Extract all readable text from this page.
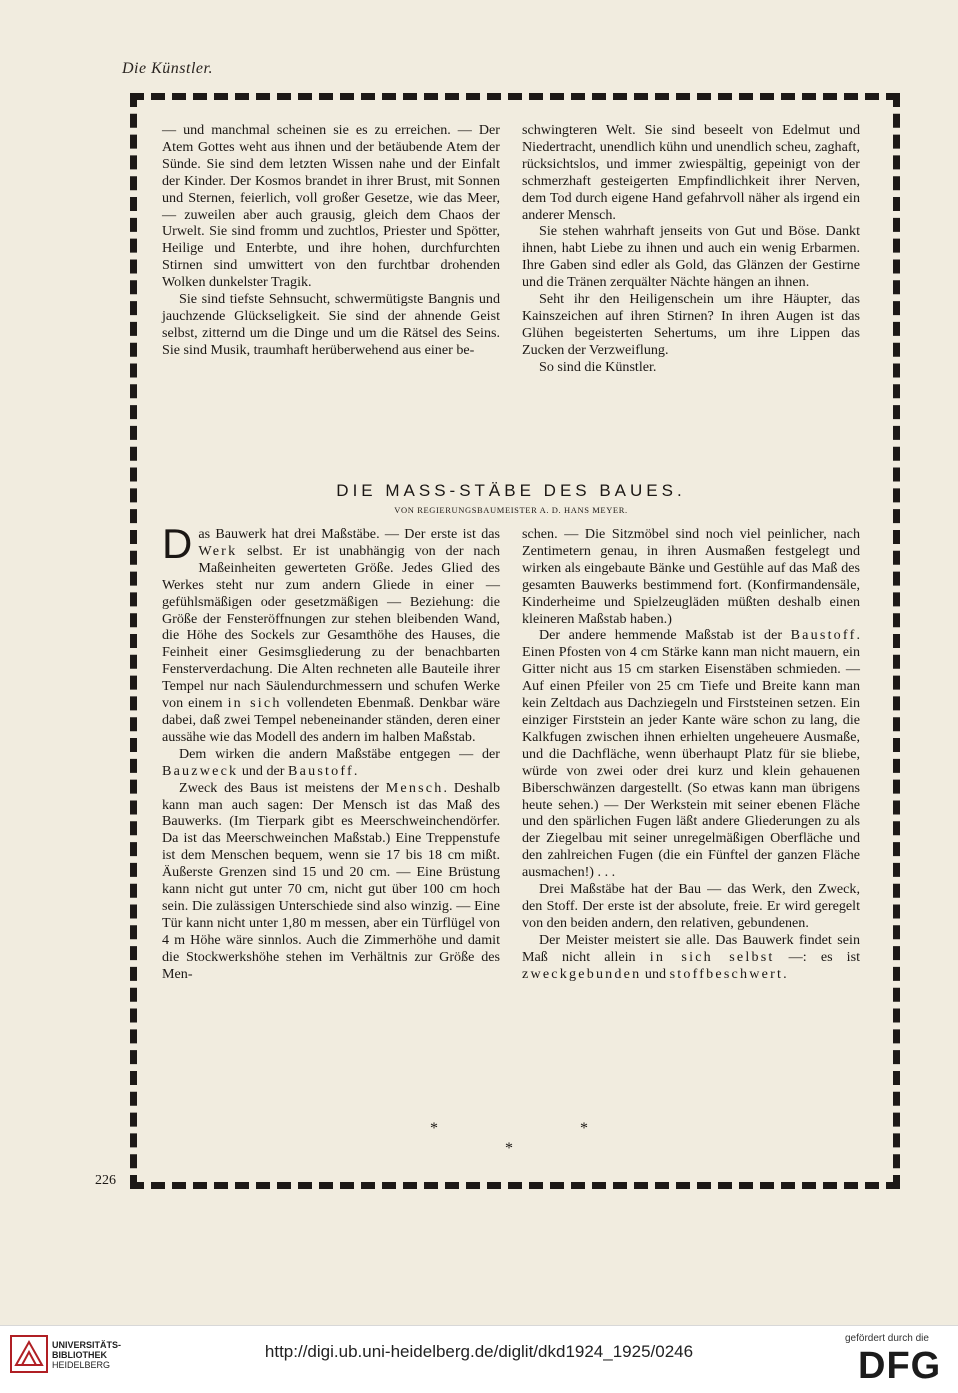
Die Künstler.

— und manchmal scheinen sie es zu erreichen. — Der Atem Gottes weht aus ihnen und der betäubende Atem der Sünde. Sie sind dem letzten Wissen nahe und der Einfalt der Kinder. Der Kosmos brandet in ihrer Brust, mit Sonnen und Sternen, feierlich, voll großer Gesetze, wie das Meer, — zuweilen aber auch grausig, gleich dem Chaos der Urwelt. Sie sind fromm und zuchtlos, Priester und Spötter, Heilige und Enterbte, und ihre hohen, durchfurchten Stirnen sind umwittert von den furchtbar drohenden Wolken dunkelster Tragik.

Sie sind tiefste Sehnsucht, schwermütigste Bangnis und jauchzende Glückseligkeit. Sie sind der ahnende Geist selbst, zitternd um die Dinge und um die Rätsel des Seins. Sie sind Musik, traumhaft herüberwehend aus einer be-

schwingteren Welt. Sie sind beseelt von Edelmut und Niedertracht, unendlich kühn und unendlich scheu, zaghaft, rücksichtslos, und immer zwiespältig, gepeinigt von der schmerzhaft gesteigerten Empfindlichkeit ihrer Nerven, dem Tod durch eigene Hand gefahrvoll näher als irgend ein anderer Mensch.

Sie stehen wahrhaft jenseits von Gut und Böse. Dankt ihnen, habt Liebe zu ihnen und auch ein wenig Erbarmen. Ihre Gaben sind edler als Gold, das Glänzen der Gestirne und die Tränen zerquälter Nächte hängen an ihnen.

Seht ihr den Heiligenschein um ihre Häupter, das Kainszeichen auf ihren Stirnen? In ihren Augen ist das Glühen begeisterten Sehertums, um ihre Lippen das Zucken der Verzweiflung.

So sind die Künstler.

DIE MASS-STÄBE DES BAUES.
VON REGIERUNGSBAUMEISTER A. D. HANS MEYER.

Das Bauwerk hat drei Maßstäbe. — Der erste ist das Werk selbst. Er ist unabhängig von der nach Maßeinheiten gewerteten Größe. Jedes Glied des Werkes steht nur zum andern Gliede in einer — gefühlsmäßigen oder gesetzmäßigen — Beziehung: die Größe der Fensteröffnungen zur stehen bleibenden Wand, die Höhe des Sockels zur Gesamthöhe des Hauses, die Feinheit einer Gesimsgliederung zu der benachbarten Fensterverdachung. Die Alten rechneten alle Bauteile ihrer Tempel nur nach Säulendurchmessern und schufen Werke von einem in sich vollendeten Ebenmaß. Denkbar wäre dabei, daß zwei Tempel nebeneinander ständen, deren einer aussähe wie das Modell des andern im halben Maßstab.

Dem wirken die andern Maßstäbe entgegen — der Bauzweck und der Baustoff.

Zweck des Baus ist meistens der Mensch. Deshalb kann man auch sagen: Der Mensch ist das Maß des Bauwerks. (Im Tierpark gibt es Meerschweinchendörfer. Da ist das Meerschweinchen Maßstab.) Eine Treppenstufe ist dem Menschen bequem, wenn sie 17 bis 18 cm mißt. Äußerste Grenzen sind 15 und 20 cm. — Eine Brüstung kann nicht gut unter 70 cm, nicht gut über 100 cm hoch sein. Die zulässigen Unterschiede sind also winzig. — Eine Tür kann nicht unter 1,80 m messen, aber ein Türflügel von 4 m Höhe wäre sinnlos. Auch die Zimmerhöhe und damit die Stockwerkshöhe stehen im Verhältnis zur Größe des Men-

schen. — Die Sitzmöbel sind noch viel peinlicher, nach Zentimetern genau, in ihren Ausmaßen festgelegt und wirken als eingebaute Bänke und Gestühle auf das Maß des gesamten Bauwerks bestimmend fort. (Konfirmandensäle, Kinderheime und Spielzeugläden müßten deshalb einen kleineren Maßstab haben.)

Der andere hemmende Maßstab ist der Baustoff. Einen Pfosten von 4 cm Stärke kann man nicht mauern, ein Gitter nicht aus 15 cm starken Eisenstäben schmieden. — Auf einen Pfeiler von 25 cm Tiefe und Breite kann man kein Zeltdach aus Dachziegeln und Firststeinen setzen. Ein einziger Firststein an jeder Kante wäre schon zu lang, die Kalkfugen zwischen ihnen erhielten ungeheuere Ausmaße, und die Dachfläche, wenn überhaupt Platz für sie bliebe, würde von zwei oder drei kurz und klein gehauenen Biberschwänzen dargestellt. (So etwas kann man übrigens heute sehen.) — Der Werkstein mit seiner ebenen Fläche und den spärlichen Fugen läßt andere Gliederungen zu als der Ziegelbau mit seiner unregelmäßigen Oberfläche und den zahlreichen Fugen (die ein Fünftel der ganzen Fläche ausmachen!) . . .

Drei Maßstäbe hat der Bau — das Werk, den Zweck, den Stoff. Der erste ist der absolute, freie. Er wird geregelt von den beiden andern, den relativen, gebundenen.

Der Meister meistert sie alle. Das Bauwerk findet sein Maß nicht allein in sich selbst —: es ist zweckgebunden und stoffbeschwert.

*	*
*
226
UNIVERSITÄTS-
BIBLIOTHEK
HEIDELBERG
http://digi.ub.uni-heidelberg.de/diglit/dkd1924_1925/0246
gefördert durch die
DFG
